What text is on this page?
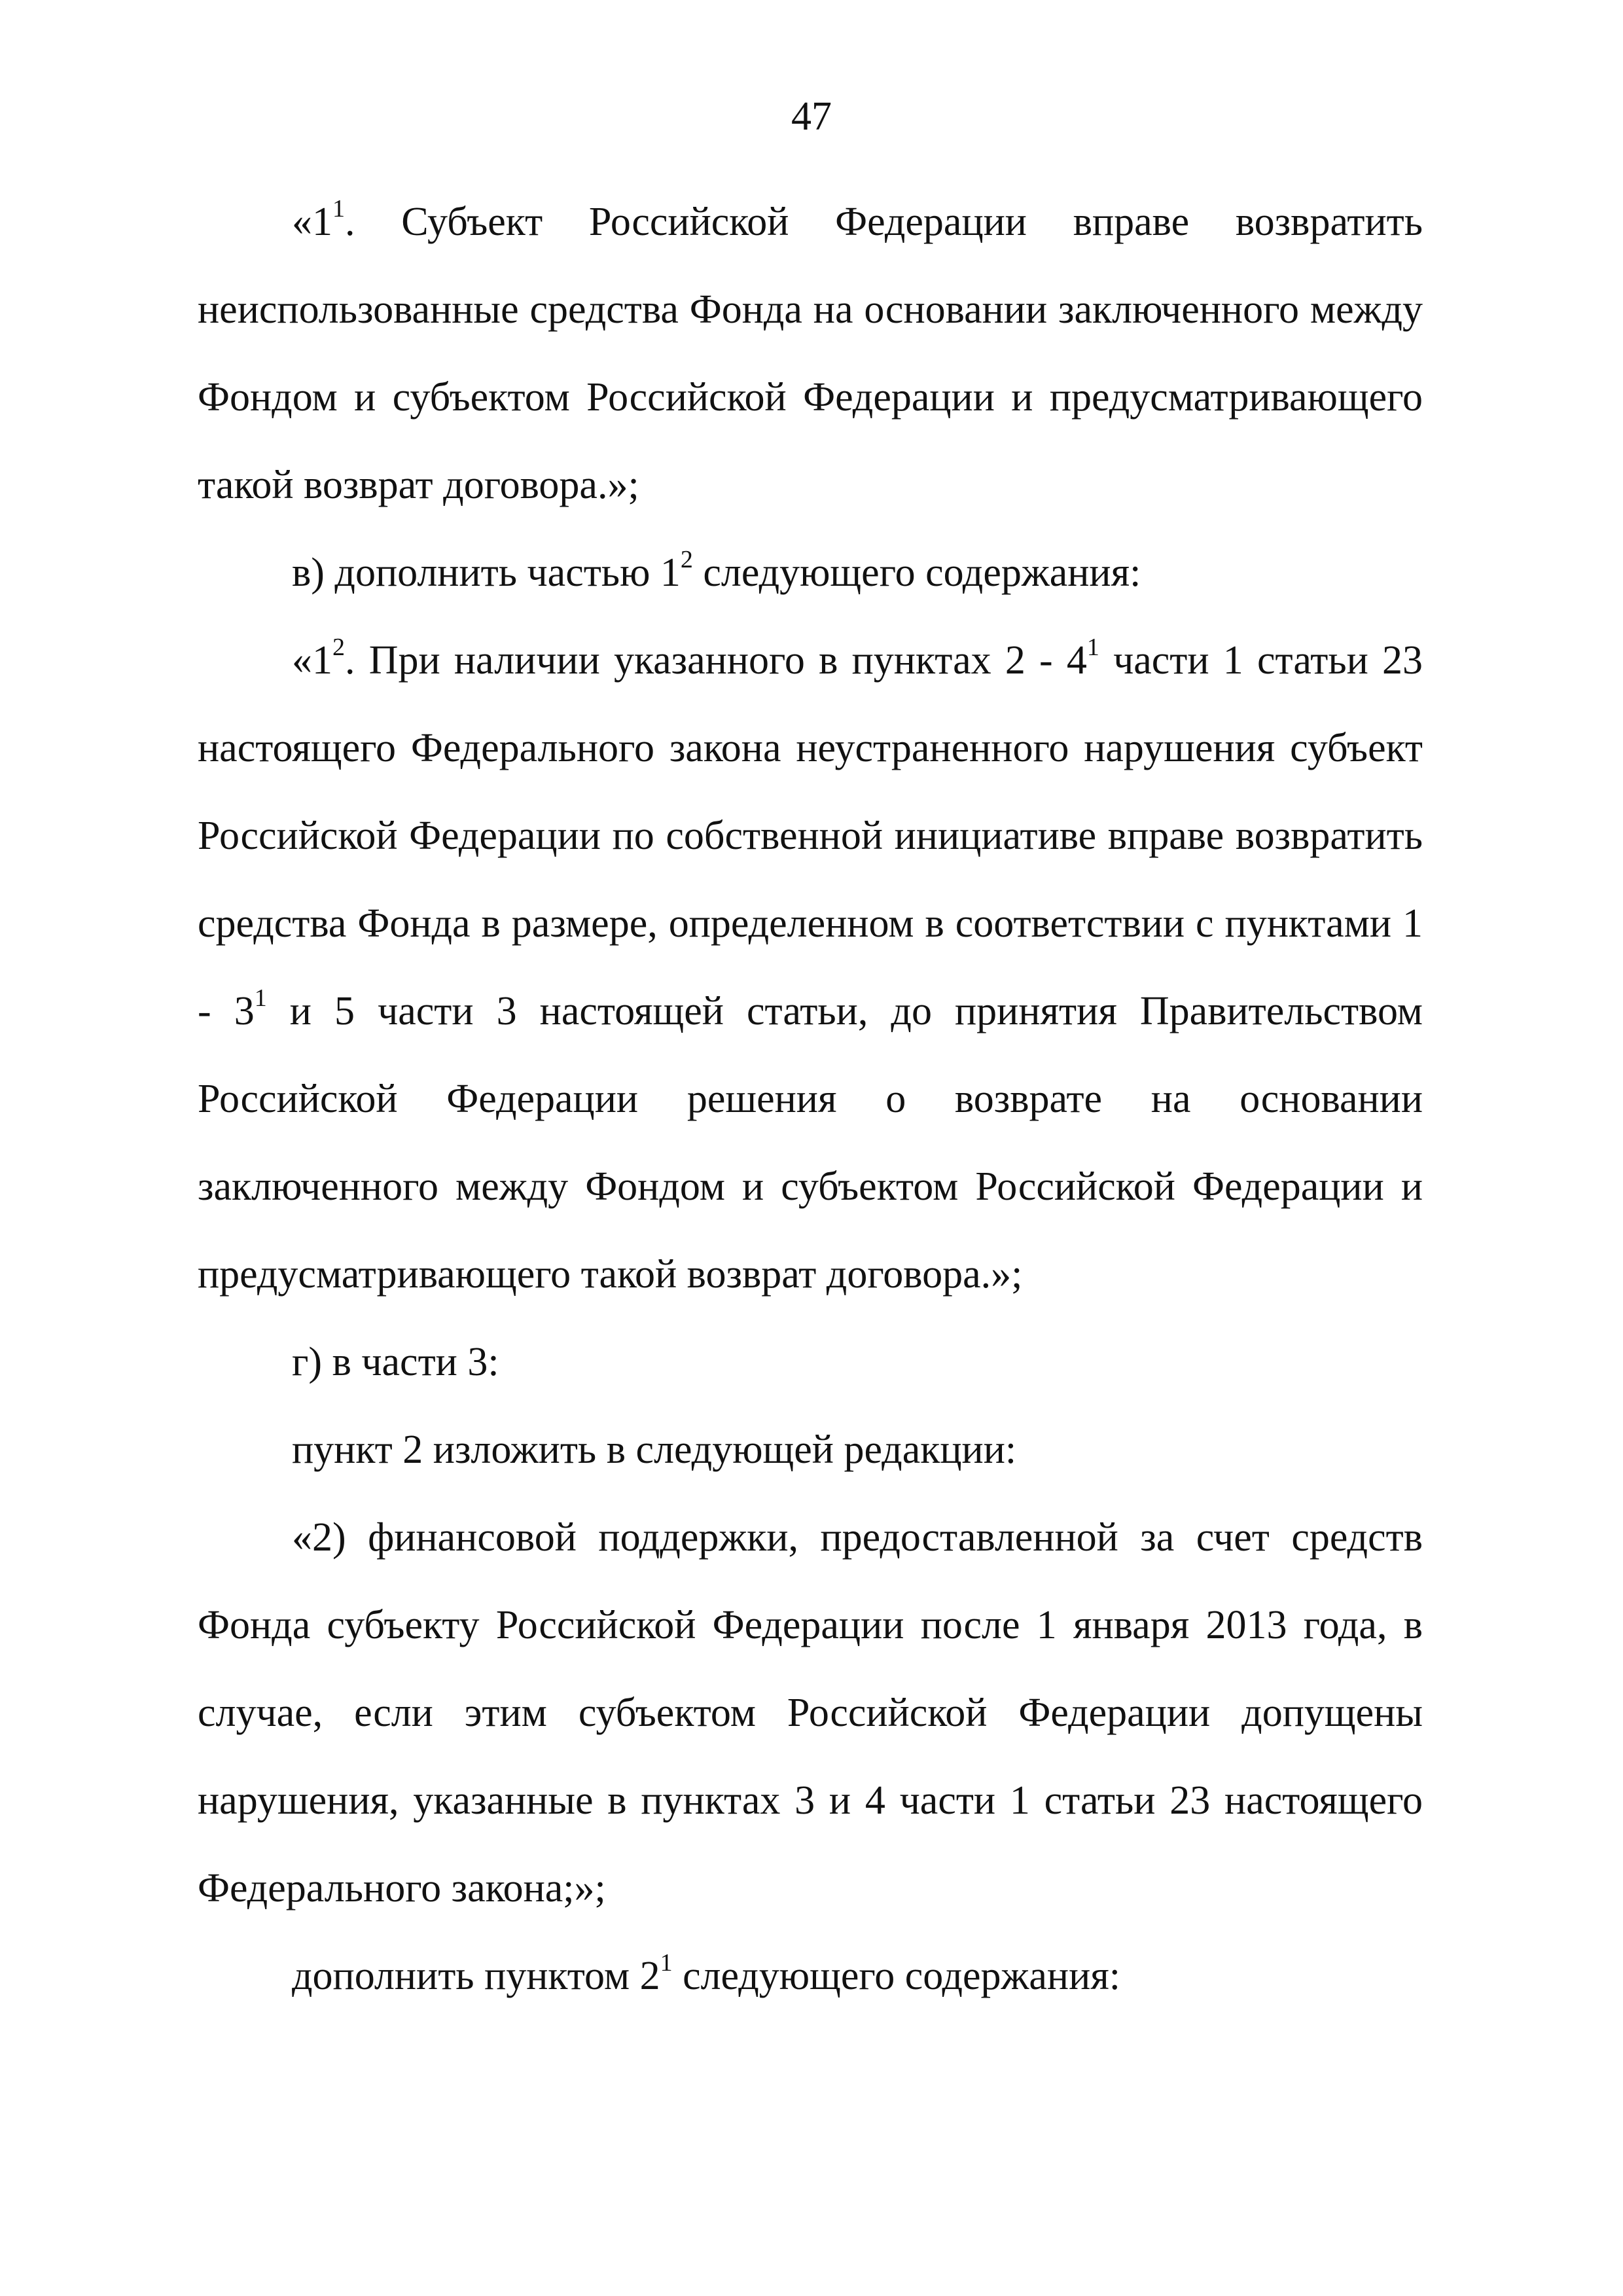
47

«$1^1$. Субъект Российской Федерации вправе возвратить неиспользованные средства Фонда на основании заключенного между Фондом и субъектом Российской Федерации и предусматривающего такой возврат договора.»;

в) дополнить частью $1^2$ следующего содержания:

«$1^2$. При наличии указанного в пунктах $2 - 4^1$ части 1 статьи 23 настоящего Федерального закона неустраненного нарушения субъект Российской Федерации по собственной инициативе вправе возвратить средства Фонда в размере, определенном в соответствии с пунктами $1 - 3^1$ и 5 части 3 настоящей статьи, до принятия Правительством Российской Федерации решения о возврате на основании заключенного между Фондом и субъектом Российской Федерации и предусматривающего такой возврат договора.»;

г) в части 3:

пункт 2 изложить в следующей редакции:

«2) финансовой поддержки, предоставленной за счет средств Фонда субъекту Российской Федерации после 1 января 2013 года, в случае, если этим субъектом Российской Федерации допущены нарушения, указанные в пунктах 3 и 4 части 1 статьи 23 настоящего Федерального закона;»;

дополнить пунктом $2^1$ следующего содержания:
